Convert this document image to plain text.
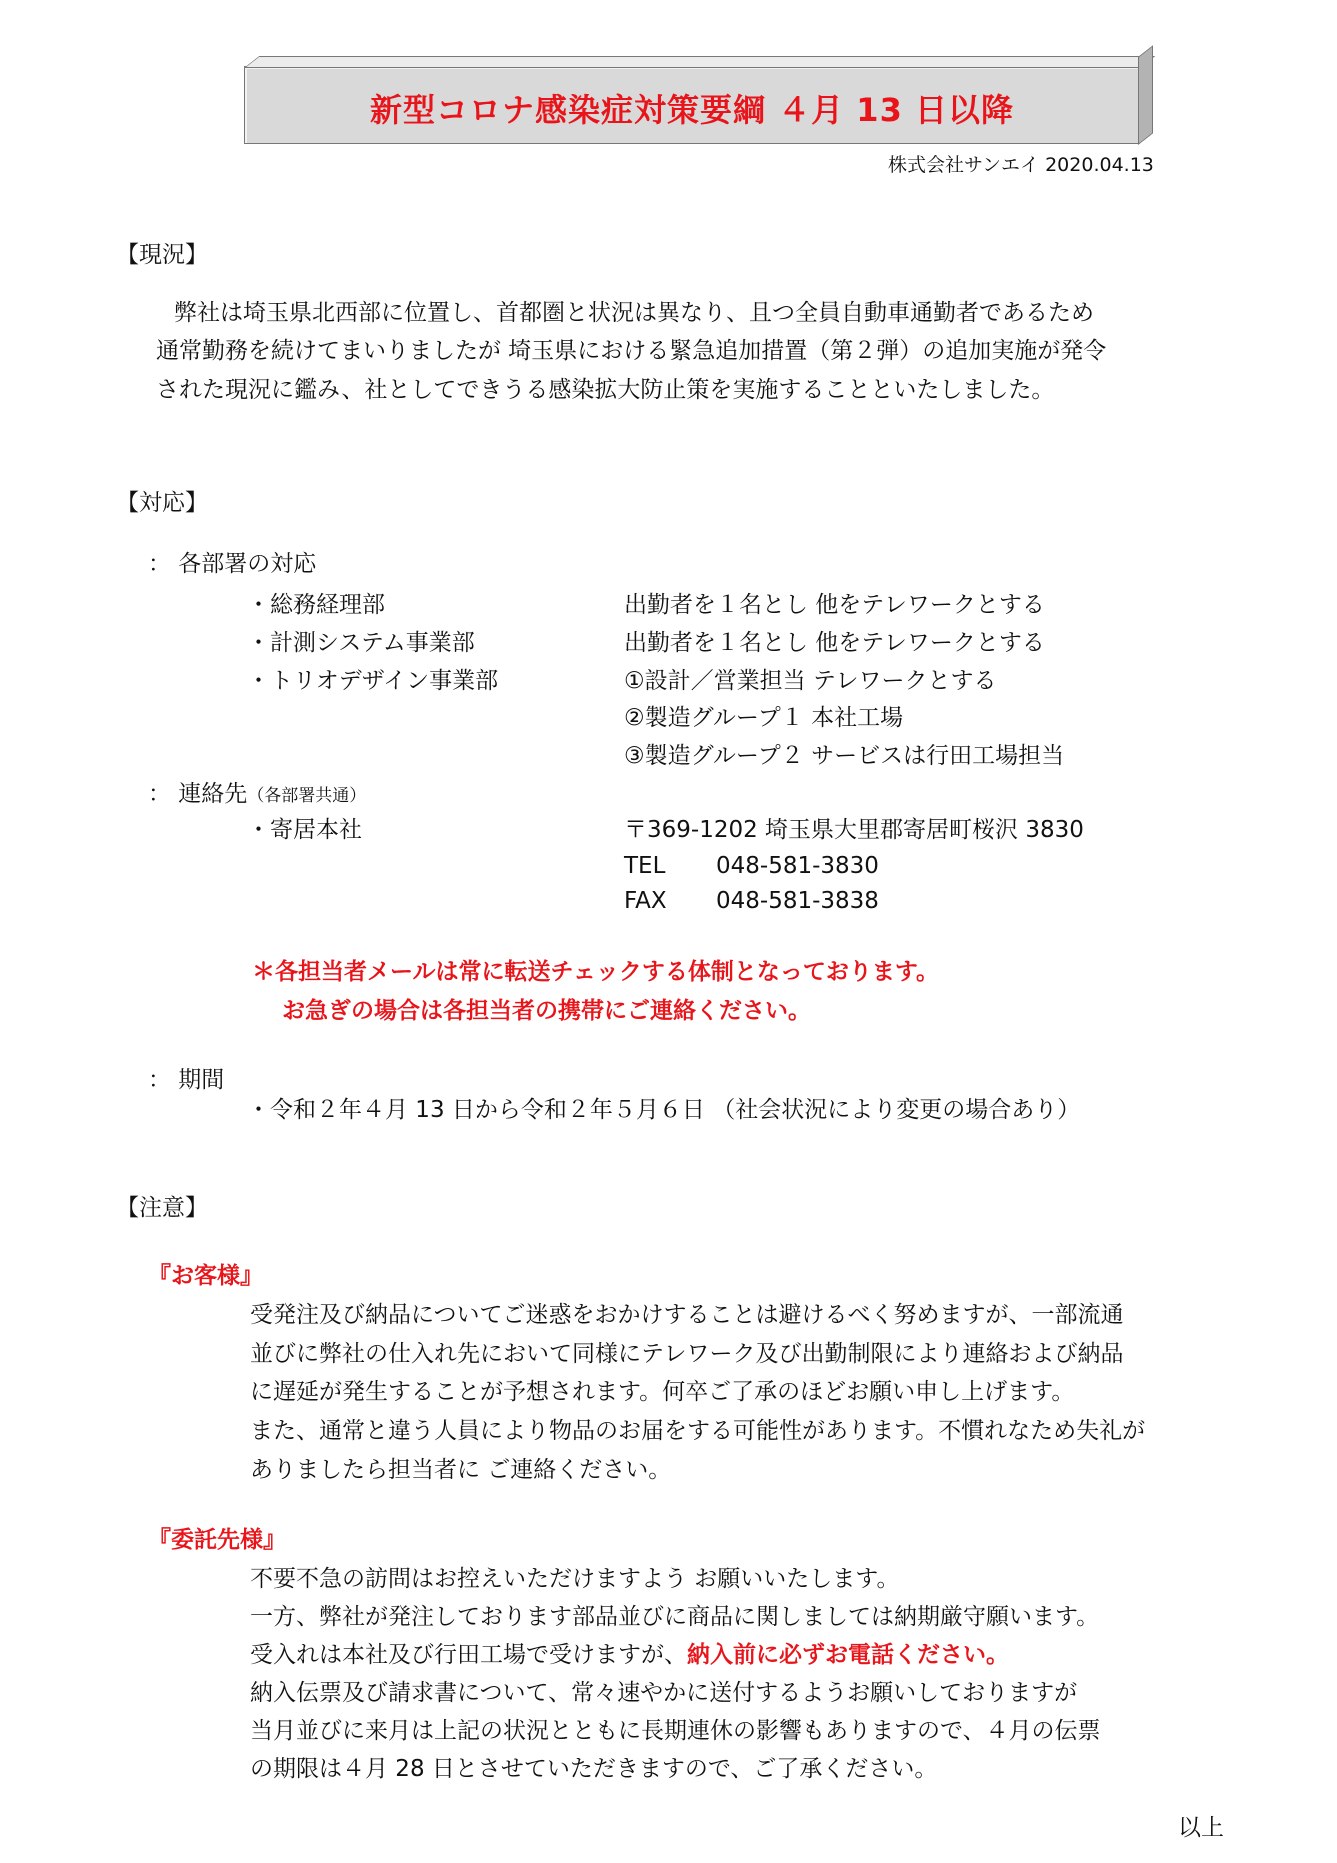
新型コロナ感染症対策要綱 ４月 13 日以降
株式会社サンエイ 2020.04.13
【現況】
弊社は埼玉県北西部に位置し、首都圏と状況は異なり、且つ全員自動車通勤者であるため
通常勤務を続けてまいりましたが 埼玉県における緊急追加措置（第２弾）の追加実施が発令
された現況に鑑み、社としてできうる感染拡大防止策を実施することといたしました。
【対応】
： 各部署の対応
・総務経理部	出勤者を１名とし 他をテレワークとする
・計測システム事業部	出勤者を１名とし 他をテレワークとする
・トリオデザイン事業部	①設計／営業担当 テレワークとする
②製造グループ１ 本社工場
③製造グループ２ サービスは行田工場担当
： 連絡先（各部署共通）
・寄居本社	〒369-1202 埼玉県大里郡寄居町桜沢 3830
TEL 048-581-3830
FAX 048-581-3838
＊各担当者メールは常に転送チェックする体制となっております。
お急ぎの場合は各担当者の携帯にご連絡ください。
： 期間
・令和２年４月 13 日から令和２年５月６日 （社会状況により変更の場合あり）
【注意】
『お客様』
受発注及び納品についてご迷惑をおかけすることは避けるべく努めますが、一部流通
並びに弊社の仕入れ先において同様にテレワーク及び出勤制限により連絡および納品
に遅延が発生することが予想されます。何卒ご了承のほどお願い申し上げます。
また、通常と違う人員により物品のお届をする可能性があります。不慣れなため失礼が
ありましたら担当者に ご連絡ください。
『委託先様』
不要不急の訪問はお控えいただけますよう お願いいたします。
一方、弊社が発注しております部品並びに商品に関しましては納期厳守願います。
受入れは本社及び行田工場で受けますが、納入前に必ずお電話ください。
納入伝票及び請求書について、常々速やかに送付するようお願いしておりますが
当月並びに来月は上記の状況とともに長期連休の影響もありますので、４月の伝票
の期限は４月 28 日とさせていただきますので、ご了承ください。
以上
